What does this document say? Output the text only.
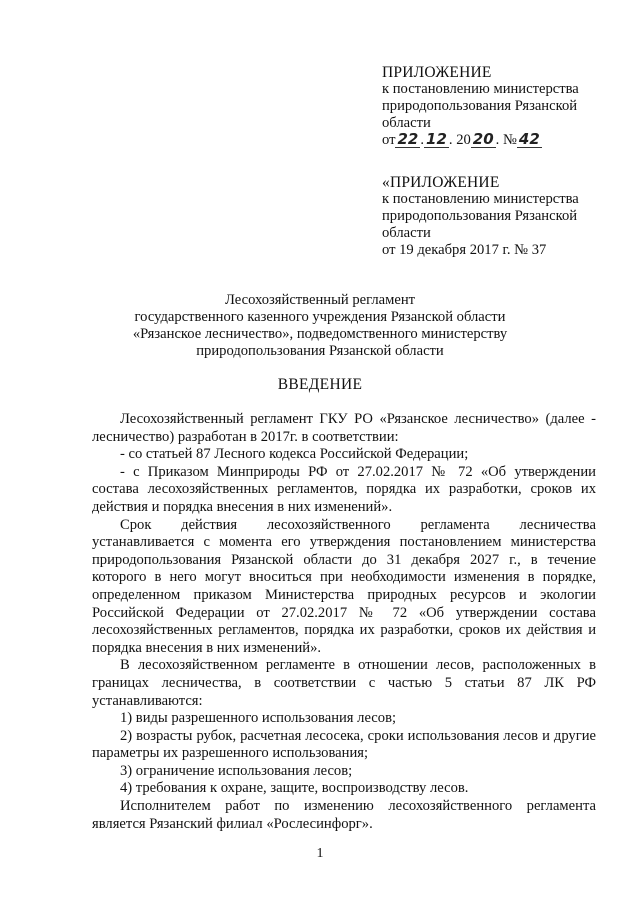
ПРИЛОЖЕНИЕ
к постановлению министерства
природопользования Рязанской
области
от 22 . 12 . 20 20 . № 42
«ПРИЛОЖЕНИЕ
к постановлению министерства
природопользования Рязанской
области
от 19 декабря 2017 г. № 37
Лесохозяйственный регламент
государственного казенного учреждения Рязанской области
«Рязанское лесничество», подведомственного министерству
природопользования Рязанской области
ВВЕДЕНИЕ

Лесохозяйственный регламент ГКУ РО «Рязанское лесничество» (далее - лесничество) разработан в 2017г. в соответствии:

- со статьей 87 Лесного кодекса Российской Федерации;

- с Приказом Минприроды РФ от 27.02.2017 № 72 «Об утверждении состава лесохозяйственных регламентов, порядка их разработки, сроков их действия и порядка внесения в них изменений».

Срок действия лесохозяйственного регламента лесничества

устанавливается с момента его утверждения постановлением министерства природопользования Рязанской области до 31 декабря 2027 г., в течение которого в него могут вноситься при необходимости изменения в порядке, определенном приказом Министерства природных ресурсов и экологии Российской Федерации от 27.02.2017 № 72 «Об утверждении состава лесохозяйственных регламентов, порядка их разработки, сроков их действия и порядка внесения в них изменений».

В лесохозяйственном регламенте в отношении лесов, расположенных в границах лесничества, в соответствии с частью 5 статьи 87 ЛК РФ устанавливаются:

1) виды разрешенного использования лесов;

2) возрасты рубок, расчетная лесосека, сроки использования лесов и другие параметры их разрешенного использования;

3) ограничение использования лесов;

4) требования к охране, защите, воспроизводству лесов.

Исполнителем работ по изменению лесохозяйственного регламента является Рязанский филиал «Рослесинфорг».

1
